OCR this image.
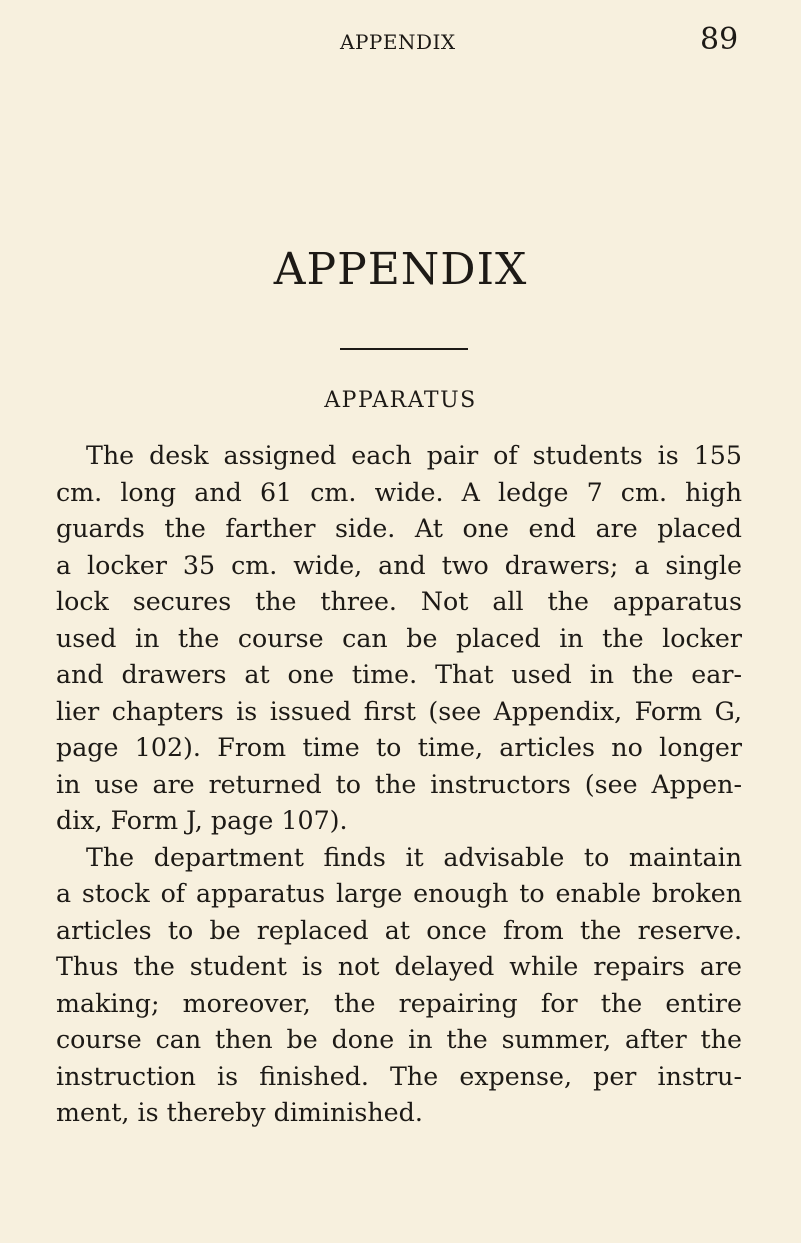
APPENDIX	89
APPENDIX
APPARATUS
The desk assigned each pair of students is 155
cm. long and 61 cm. wide. A ledge 7 cm. high
guards the farther side. At one end are placed
a locker 35 cm. wide, and two drawers; a single
lock secures the three. Not all the apparatus
used in the course can be placed in the locker
and drawers at one time. That used in the ear-
lier chapters is issued first (see Appendix, Form G,
page 102). From time to time, articles no longer
in use are returned to the instructors (see Appen-
dix, Form J, page 107).
The department finds it advisable to maintain
a stock of apparatus large enough to enable broken
articles to be replaced at once from the reserve.
Thus the student is not delayed while repairs are
making; moreover, the repairing for the entire
course can then be done in the summer, after the
instruction is finished. The expense, per instru-
ment, is thereby diminished.
